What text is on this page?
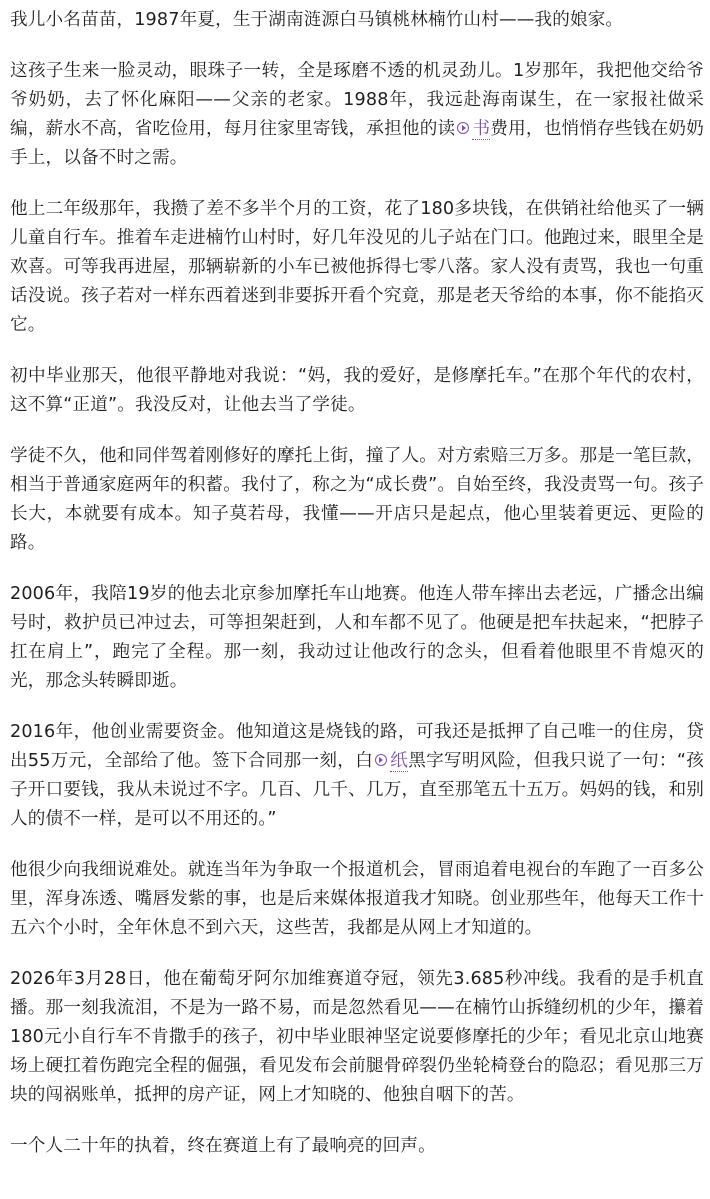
我儿小名苗苗，1987年夏，生于湖南涟源白马镇桃林楠竹山村——我的娘家。

这孩子生来一脸灵动，眼珠子一转，全是琢磨不透的机灵劲儿。1岁那年，我把他交给爷爷奶奶，去了怀化麻阳——父亲的老家。1988年，我远赴海南谋生，在一家报社做采编，薪水不高，省吃俭用，每月往家里寄钱，承担他的读 书费用，也悄悄存些钱在奶奶手上，以备不时之需。

他上二年级那年，我攒了差不多半个月的工资，花了180多块钱，在供销社给他买了一辆儿童自行车。推着车走进楠竹山村时，好几年没见的儿子站在门口。他跑过来，眼里全是欢喜。可等我再进屋，那辆崭新的小车已被他拆得七零八落。家人没有责骂，我也一句重话没说。孩子若对一样东西着迷到非要拆开看个究竟，那是老天爷给的本事，你不能掐灭它。

初中毕业那天，他很平静地对我说：“妈，我的爱好，是修摩托车。”在那个年代的农村，这不算“正道”。我没反对，让他去当了学徒。

学徒不久，他和同伴驾着刚修好的摩托上街，撞了人。对方索赔三万多。那是一笔巨款，相当于普通家庭两年的积蓄。我付了，称之为“成长费”。自始至终，我没责骂一句。孩子长大，本就要有成本。知子莫若母，我懂——开店只是起点，他心里装着更远、更险的路。

2006年，我陪19岁的他去北京参加摩托车山地赛。他连人带车摔出去老远，广播念出编号时，救护员已冲过去，可等担架赶到，人和车都不见了。他硬是把车扶起来，“把脖子扛在肩上”，跑完了全程。那一刻，我动过让他改行的念头，但看着他眼里不肯熄灭的光，那念头转瞬即逝。

2016年，他创业需要资金。他知道这是烧钱的路，可我还是抵押了自己唯一的住房，贷出55万元，全部给了他。签下合同那一刻，白 纸黑字写明风险，但我只说了一句：“孩子开口要钱，我从未说过不字。几百、几千、几万，直至那笔五十五万。妈妈的钱，和别人的债不一样，是可以不用还的。”

他很少向我细说难处。就连当年为争取一个报道机会，冒雨追着电视台的车跑了一百多公里，浑身冻透、嘴唇发紫的事，也是后来媒体报道我才知晓。创业那些年，他每天工作十五六个小时，全年休息不到六天，这些苦，我都是从网上才知道的。

2026年3月28日，他在葡萄牙阿尔加维赛道夺冠，领先3.685秒冲线。我看的是手机直播。那一刻我流泪，不是为一路不易，而是忽然看见——在楠竹山拆缝纫机的少年，攥着180元小自行车不肯撒手的孩子，初中毕业眼神坚定说要修摩托的少年；看见北京山地赛场上硬扛着伤跑完全程的倔强，看见发布会前腿骨碎裂仍坐轮椅登台的隐忍；看见那三万块的闯祸账单，抵押的房产证，网上才知晓的、他独自咽下的苦。

一个人二十年的执着，终在赛道上有了最响亮的回声。
